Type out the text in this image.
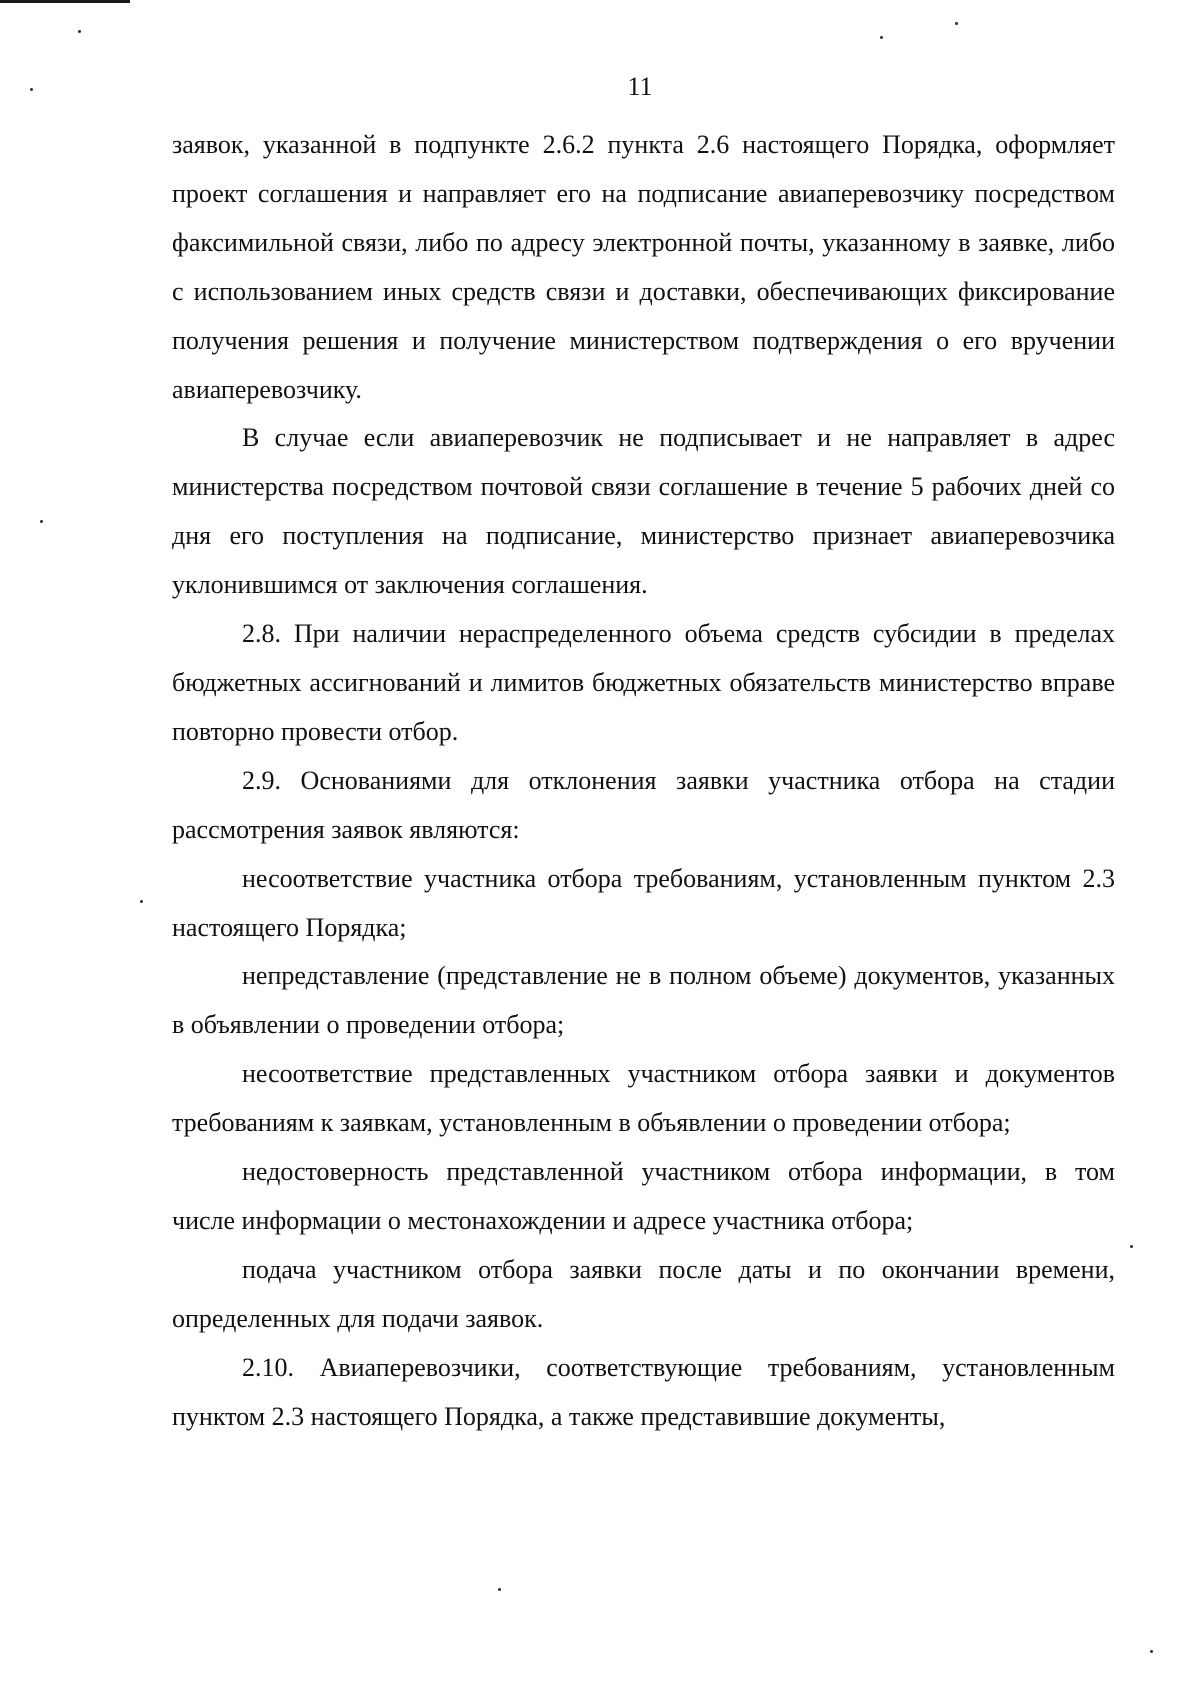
11

заявок, указанной в подпункте 2.6.2 пункта 2.6 настоящего Порядка, оформляет проект соглашения и направляет его на подписание авиаперевозчику посредством факсимильной связи, либо по адресу электронной почты, указанному в заявке, либо с использованием иных средств связи и доставки, обеспечивающих фиксирование получения решения и получение министерством подтверждения о его вручении авиаперевозчику.

В случае если авиаперевозчик не подписывает и не направляет в адрес министерства посредством почтовой связи соглашение в течение 5 рабочих дней со дня его поступления на подписание, министерство признает авиаперевозчика уклонившимся от заключения соглашения.

2.8. При наличии нераспределенного объема средств субсидии в пределах бюджетных ассигнований и лимитов бюджетных обязательств министерство вправе повторно провести отбор.

2.9. Основаниями для отклонения заявки участника отбора на стадии рассмотрения заявок являются:

несоответствие участника отбора требованиям, установленным пунктом 2.3 настоящего Порядка;

непредставление (представление не в полном объеме) документов, указанных в объявлении о проведении отбора;

несоответствие представленных участником отбора заявки и документов требованиям к заявкам, установленным в объявлении о проведении отбора;

недостоверность представленной участником отбора информации, в том числе информации о местонахождении и адресе участника отбора;

подача участником отбора заявки после даты и по окончании времени, определенных для подачи заявок.

2.10. Авиаперевозчики, соответствующие требованиям, установленным пунктом 2.3 настоящего Порядка, а также представившие документы,
